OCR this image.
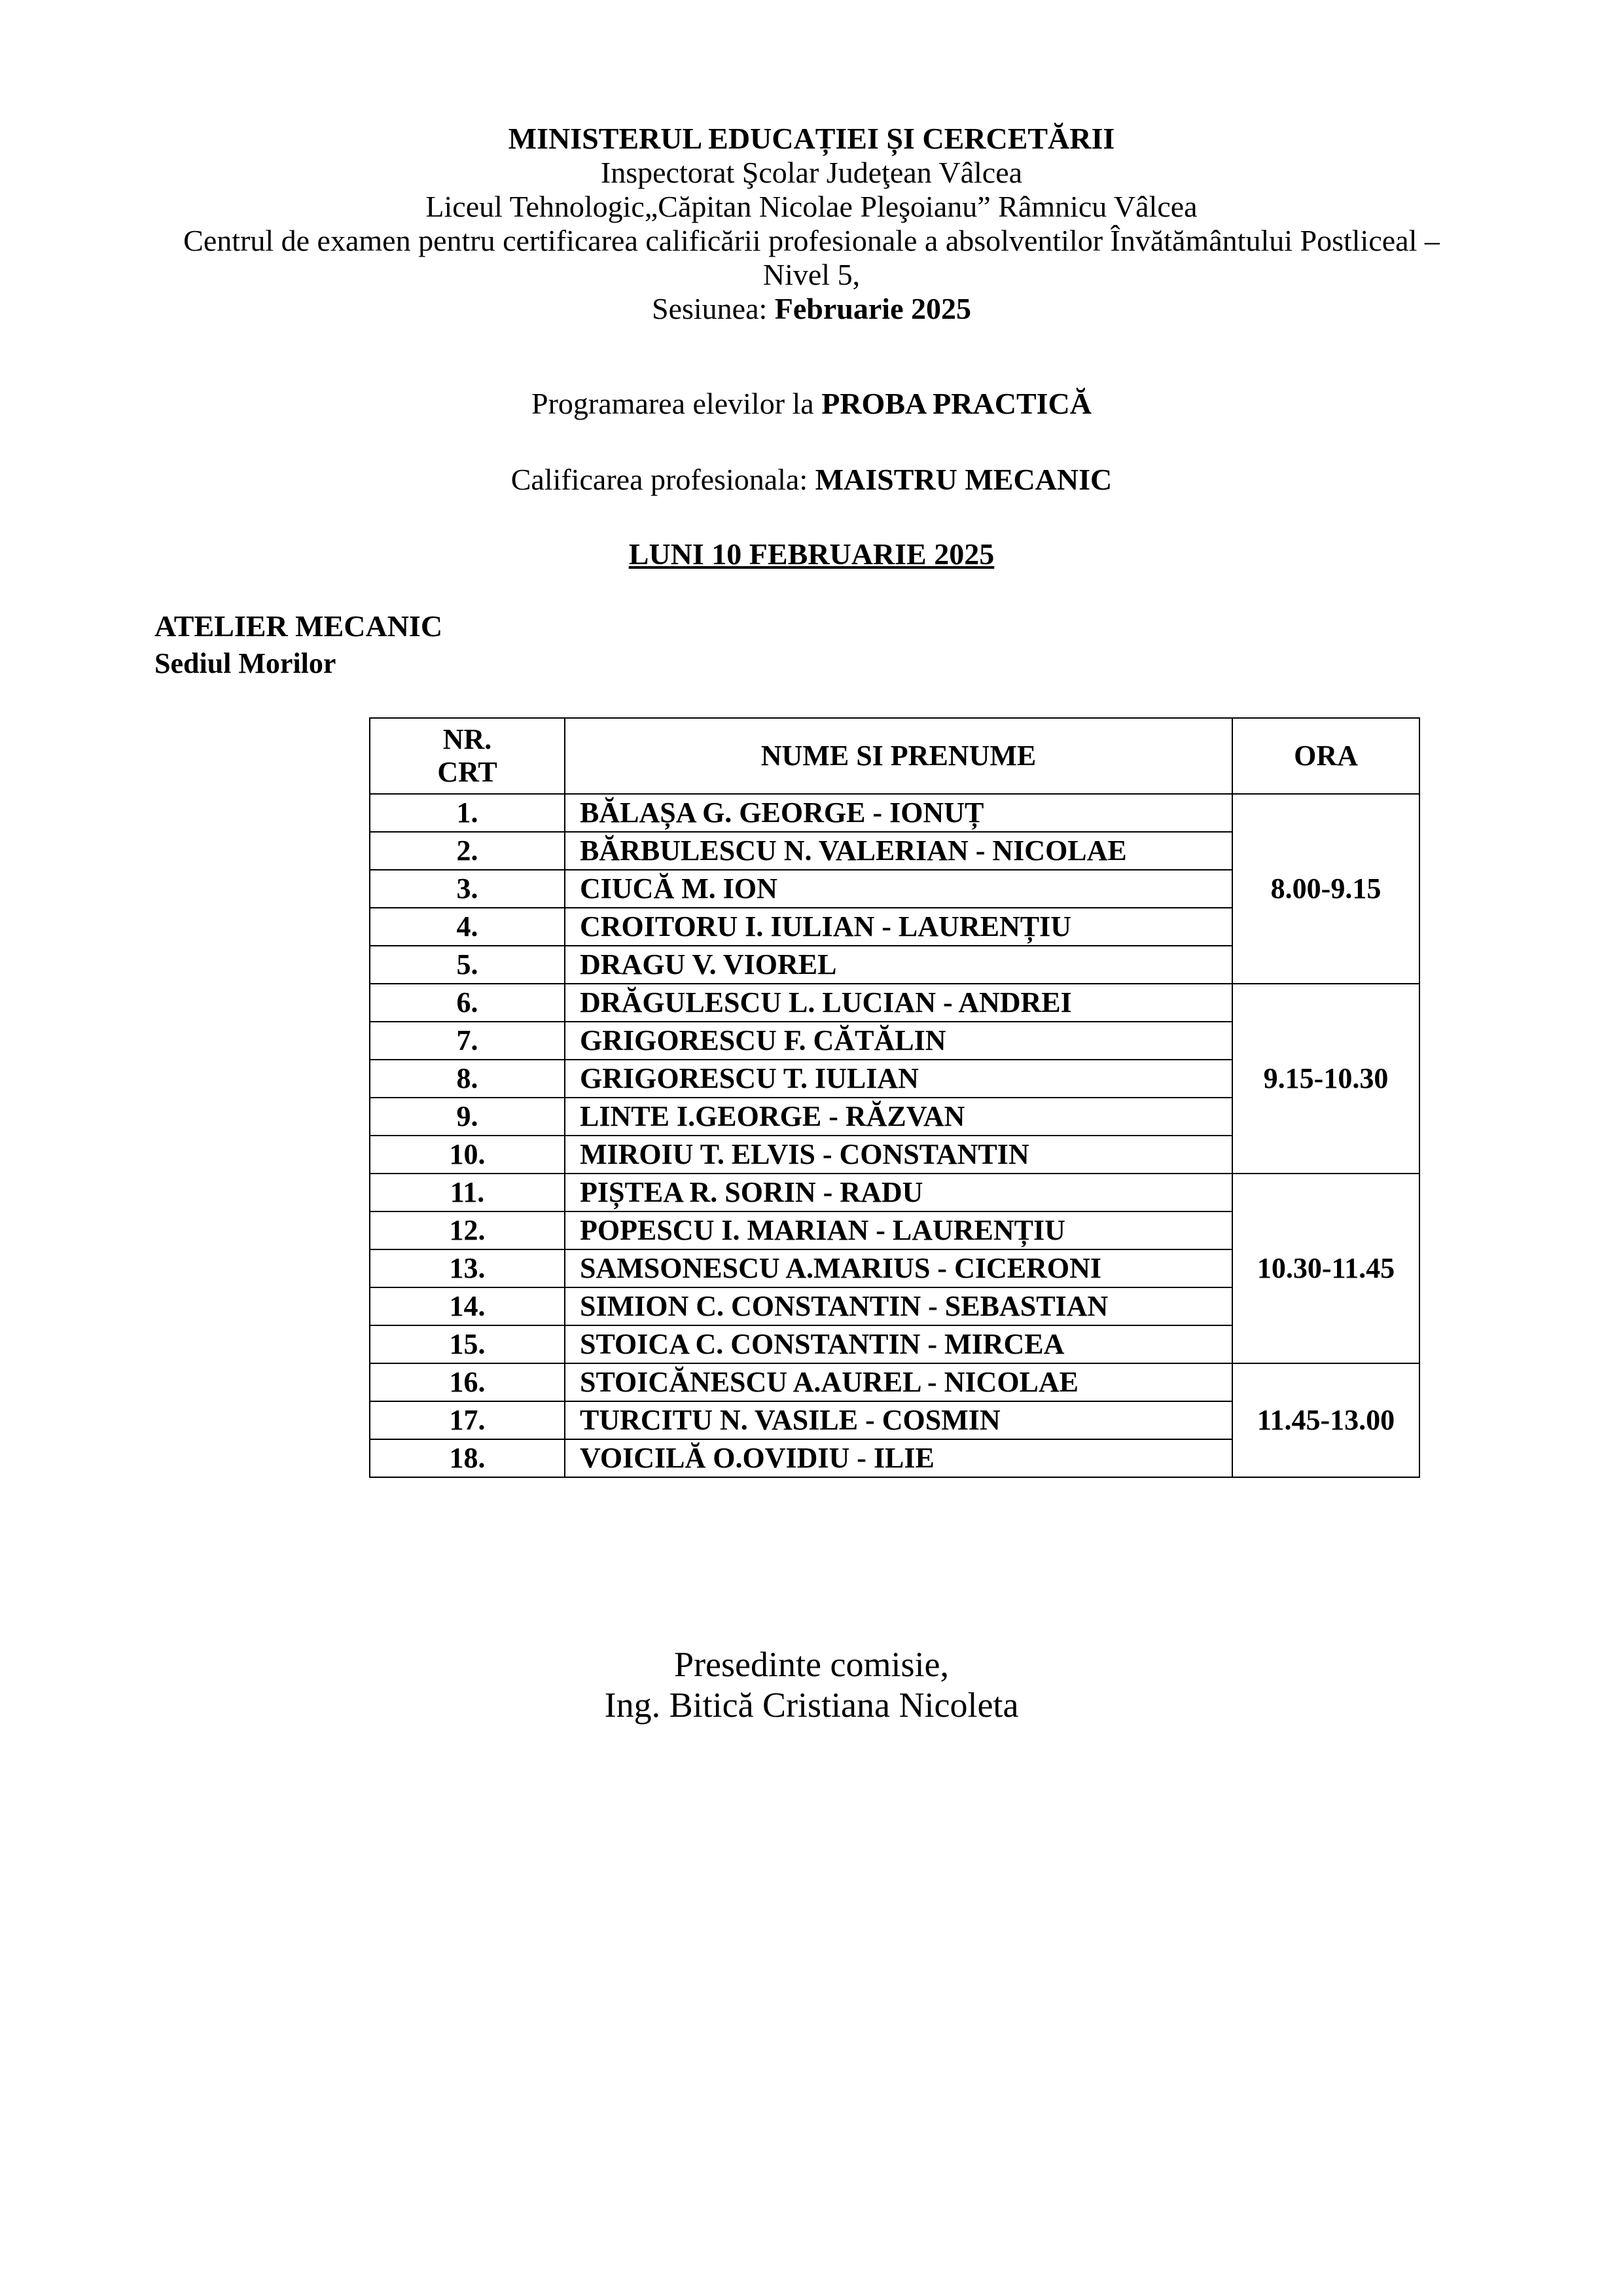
MINISTERUL EDUCAȚIEI ȘI CERCETĂRII

Inspectorat Şcolar Judeţean Vâlcea

Liceul Tehnologic„Căpitan Nicolae Pleşoianu” Râmnicu Vâlcea

Centrul de examen pentru certificarea calificării profesionale a absolventilor Învătământului Postliceal –

Nivel 5,

Sesiunea: Februarie 2025

Programarea elevilor la PROBA PRACTICĂ
Calificarea profesionala: MAISTRU MECANIC
LUNI 10 FEBRUARIE 2025
ATELIER MECANIC
Sediul Morilor
NR.
CRT	NUME SI PRENUME	ORA
1.	BĂLAȘA G. GEORGE - IONUȚ	8.00-9.15
2.	BĂRBULESCU N. VALERIAN - NICOLAE	
3.	CIUCĂ M. ION	
4.	CROITORU I. IULIAN - LAURENȚIU	
5.	DRAGU V. VIOREL	
6.	DRĂGULESCU L. LUCIAN - ANDREI	9.15-10.30
7.	GRIGORESCU F. CĂTĂLIN	
8.	GRIGORESCU T. IULIAN	
9.	LINTE I.GEORGE - RĂZVAN	
10.	MIROIU T. ELVIS - CONSTANTIN	
11.	PIȘTEA R. SORIN - RADU	10.30-11.45
12.	POPESCU I. MARIAN - LAURENȚIU	
13.	SAMSONESCU A.MARIUS - CICERONI	
14.	SIMION C. CONSTANTIN - SEBASTIAN	
15.	STOICA C. CONSTANTIN - MIRCEA	
16.	STOICĂNESCU A.AUREL - NICOLAE	11.45-13.00
17.	TURCITU N. VASILE - COSMIN	
18.	VOICILĂ O.OVIDIU - ILIE	
Presedinte comisie,
Ing. Bitică Cristiana Nicoleta
